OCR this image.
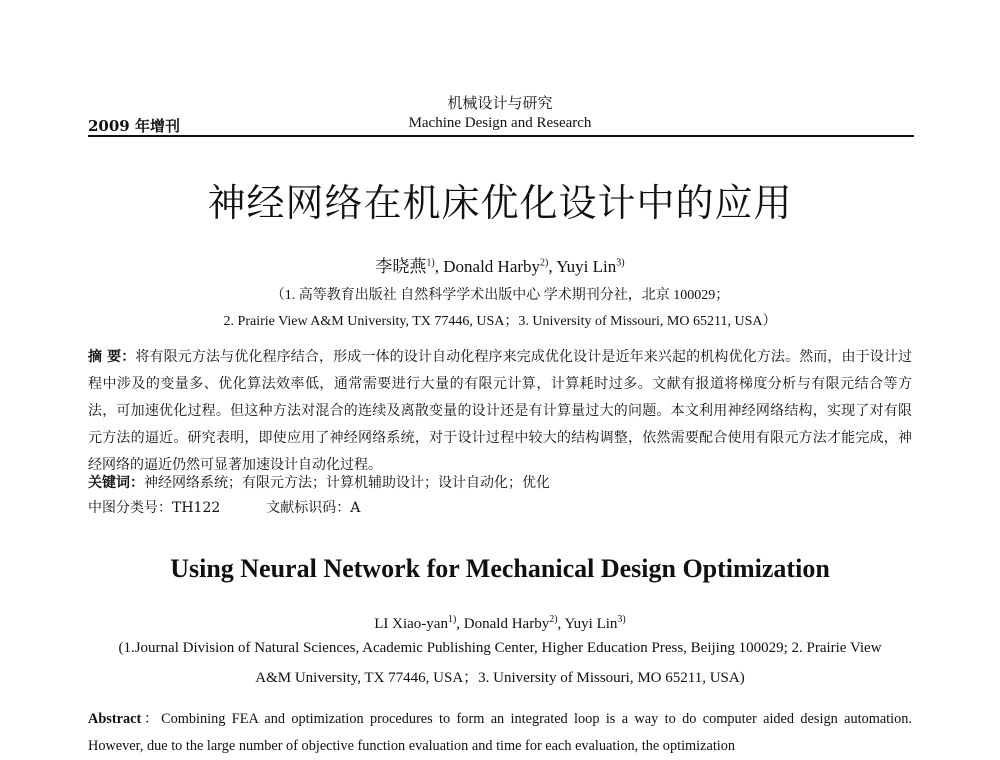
机械设计与研究
2009 年增刊	Machine Design and Research
神经网络在机床优化设计中的应用
李晓燕$^{1)}$, Donald Harby$^{2)}$, Yuyi Lin$^{3)}$
（1. 高等教育出版社 自然科学学术出版中心 学术期刊分社，北京 100029；
2. Prairie View A&M University, TX 77446, USA；3. University of Missouri, MO 65211, USA）
摘 要：将有限元方法与优化程序结合，形成一体的设计自动化程序来完成优化设计是近年来兴起的机构优化方法。然而，由于设计过程中涉及的变量多、优化算法效率低，通常需要进行大量的有限元计算，计算耗时过多。文献有报道将梯度分析与有限元结合等方法，可加速优化过程。但这种方法对混合的连续及离散变量的设计还是有计算量过大的问题。本文利用神经网络结构，实现了对有限元方法的逼近。研究表明，即使应用了神经网络系统，对于设计过程中较大的结构调整，依然需要配合使用有限元方法才能完成，神经网络的逼近仍然可显著加速设计自动化过程。
关键词：神经网络系统；有限元方法；计算机辅助设计；设计自动化；优化
中图分类号：TH122	文献标识码：A
Using Neural Network for Mechanical Design Optimization
LI Xiao-yan$^{1)}$, Donald Harby$^{2)}$, Yuyi Lin$^{3)}$
(1.Journal Division of Natural Sciences, Academic Publishing Center, Higher Education Press, Beijing 100029; 2. Prairie View
A&M University, TX 77446, USA；3. University of Missouri, MO 65211, USA)
Abstract：Combining FEA and optimization procedures to form an integrated loop is a way to do computer aided design automation. However, due to the large number of objective function evaluation and time for each evaluation, the optimization
